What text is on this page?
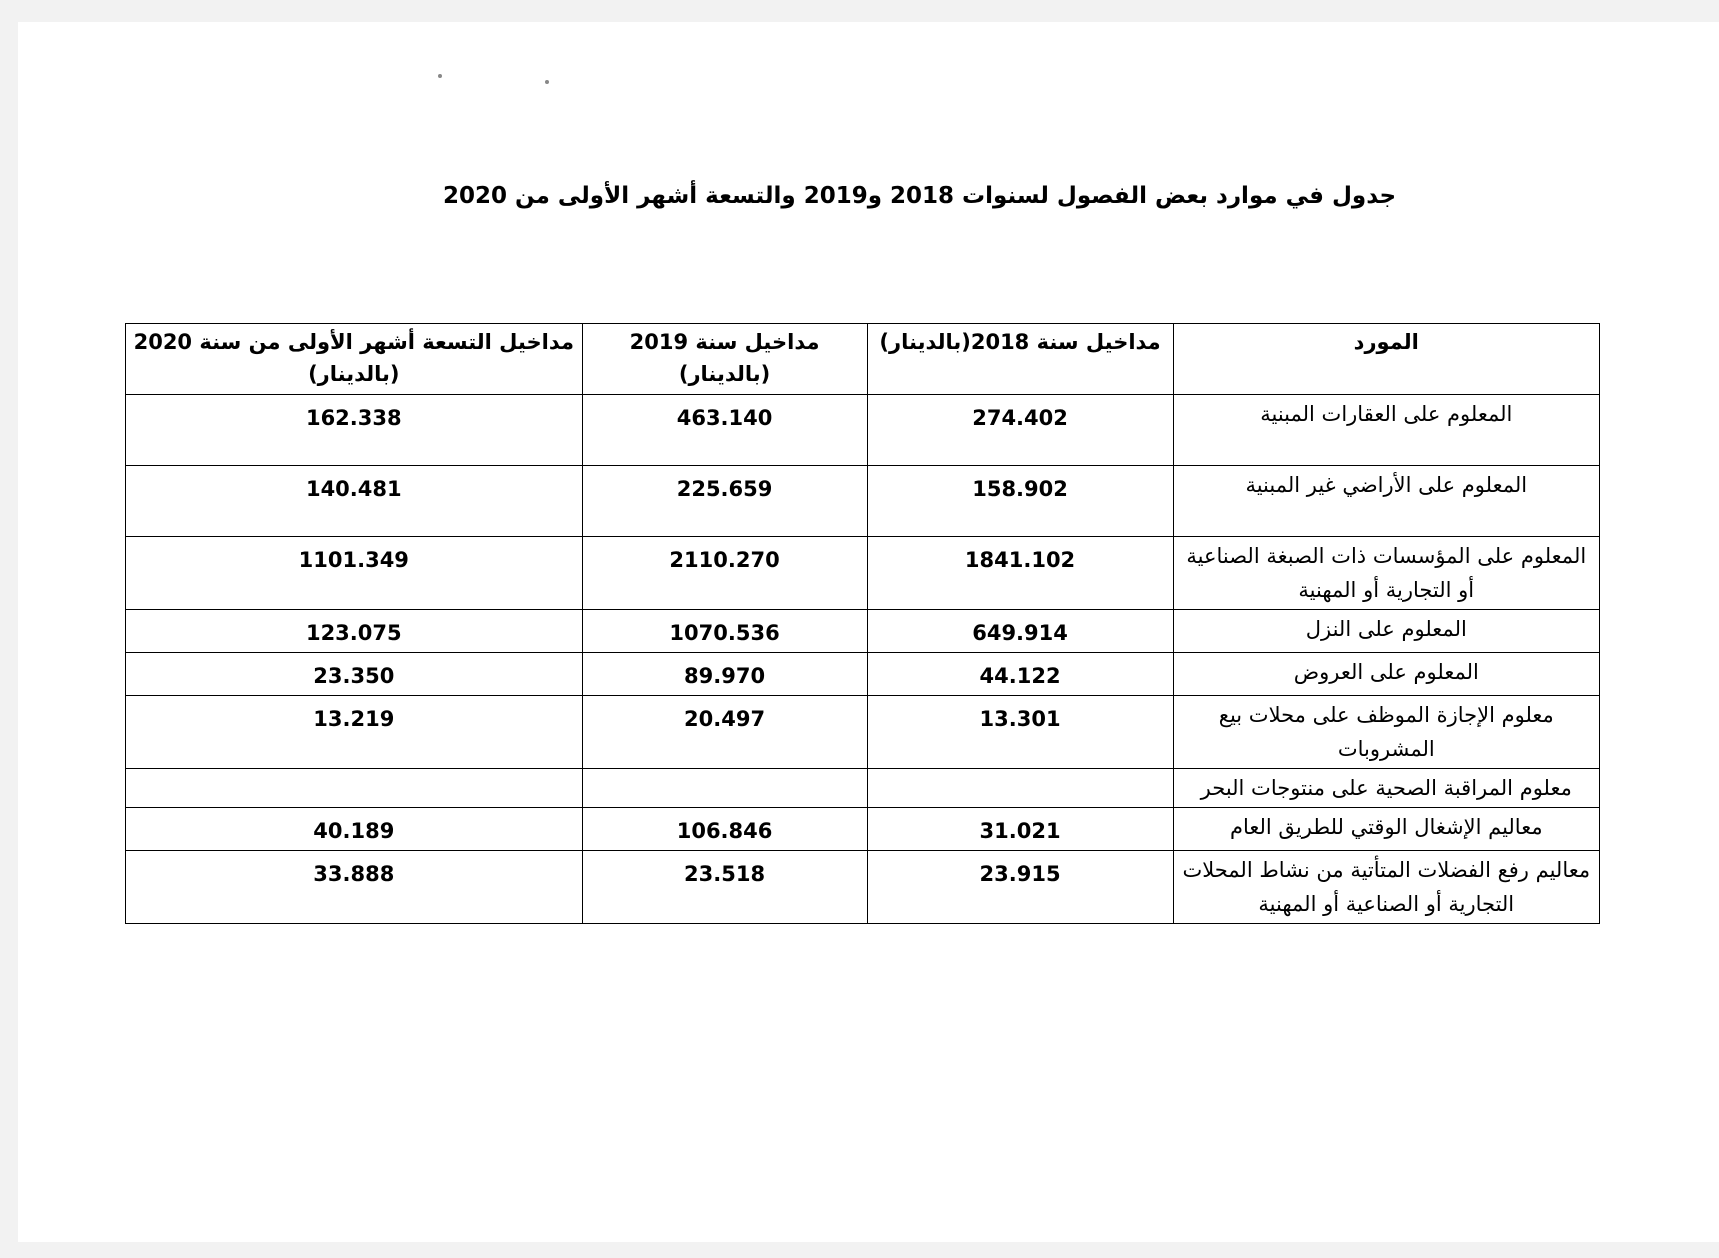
جدول في موارد بعض الفصول لسنوات 2018 و2019 والتسعة أشهر الأولى من 2020
المورد	مداخيل سنة 2018(بالدينار)	مداخيل سنة 2019 (بالدينار)	مداخيل التسعة أشهر الأولى من سنة 2020 (بالدينار)
المعلوم على العقارات المبنية	274.402	463.140	162.338
المعلوم على الأراضي غير المبنية	158.902	225.659	140.481
المعلوم على المؤسسات ذات الصبغة الصناعية أو التجارية أو المهنية	1841.102	2110.270	1101.349
المعلوم على النزل	649.914	1070.536	123.075
المعلوم على العروض	44.122	89.970	23.350
معلوم الإجازة الموظف على محلات بيع المشروبات	13.301	20.497	13.219
معلوم المراقبة الصحية على منتوجات البحر			
معاليم الإشغال الوقتي للطريق العام	31.021	106.846	40.189
معاليم رفع الفضلات المتأتية من نشاط المحلات التجارية أو الصناعية أو المهنية	23.915	23.518	33.888
